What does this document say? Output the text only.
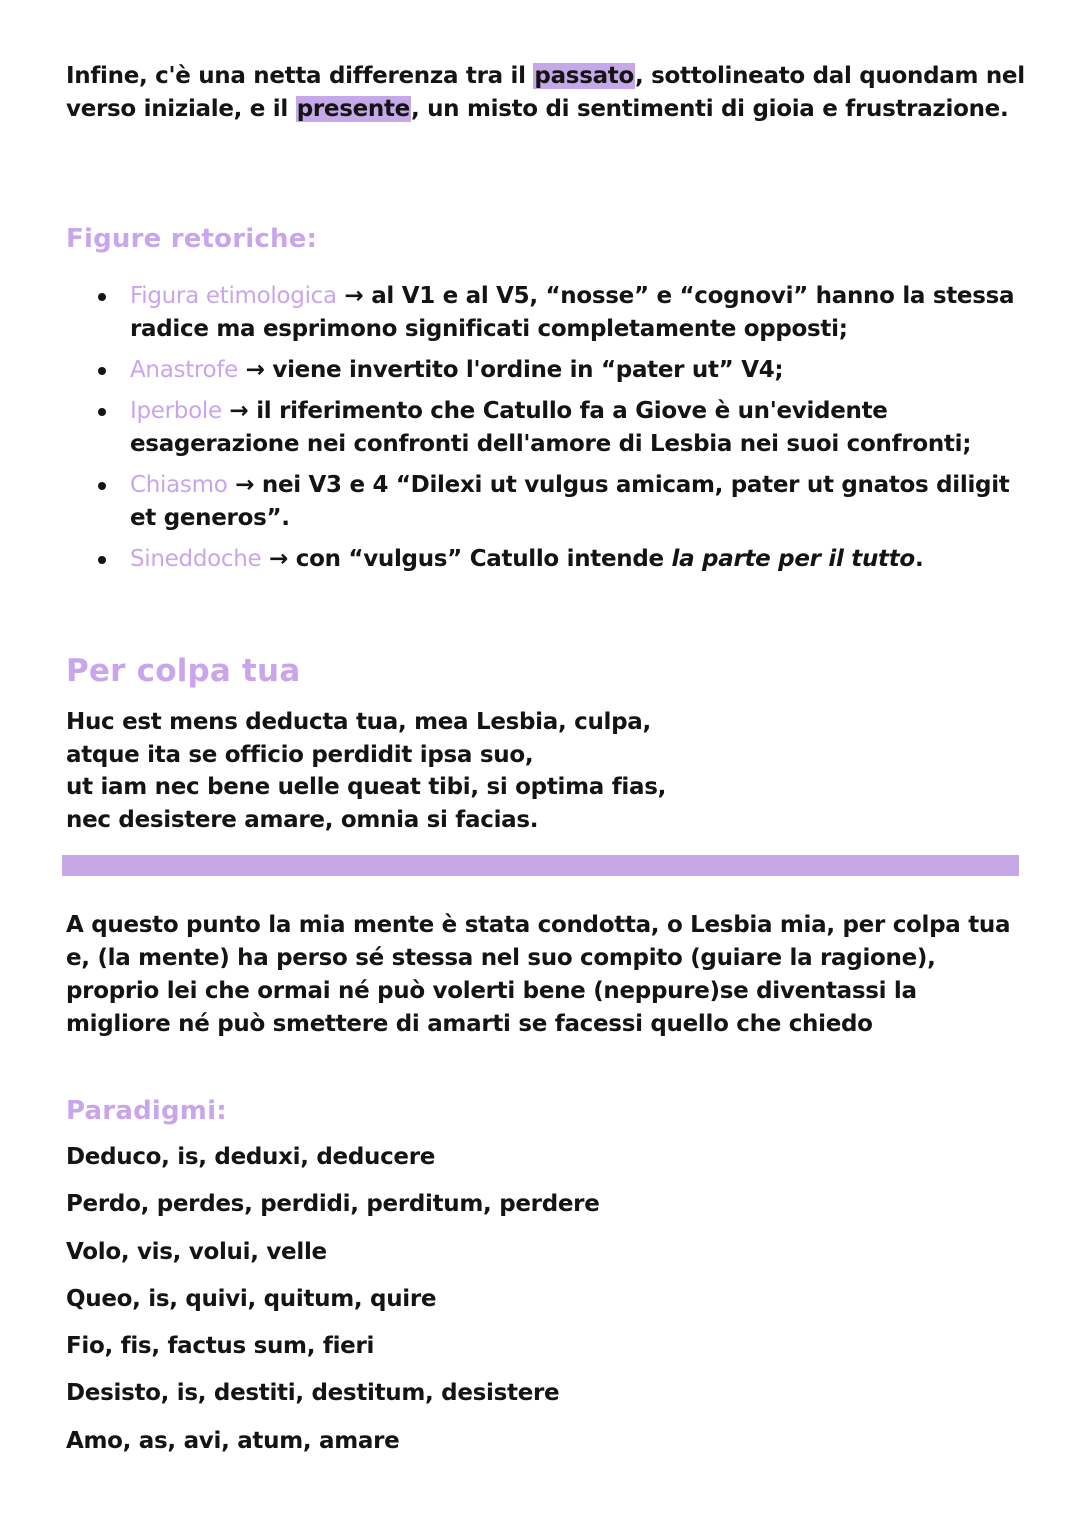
Infine, c'è una netta differenza tra il passato, sottolineato dal quondam nel verso iniziale, e il presente, un misto di sentimenti di gioia e frustrazione.
Figure retoriche:
Figura etimologica → al V1 e al V5, “nosse” e “cognovi” hanno la stessa radice ma esprimono significati completamente opposti;
Anastrofe → viene invertito l'ordine in “pater ut” V4;
Iperbole → il riferimento che Catullo fa a Giove è un'evidente esagerazione nei confronti dell'amore di Lesbia nei suoi confronti;
Chiasmo → nei V3 e 4 “Dilexi ut vulgus amicam, pater ut gnatos diligit et generos”.
Sineddoche → con “vulgus” Catullo intende la parte per il tutto.
Per colpa tua
Huc est mens deducta tua, mea Lesbia, culpa,
atque ita se officio perdidit ipsa suo,
ut iam nec bene uelle queat tibi, si optima fias,
nec desistere amare, omnia si facias.
A questo punto la mia mente è stata condotta, o Lesbia mia, per colpa tua e, (la mente) ha perso sé stessa nel suo compito (guiare la ragione), proprio lei che ormai né può volerti bene (neppure)se diventassi la migliore né può smettere di amarti se facessi quello che chiedo
Paradigmi:
Deduco, is, deduxi, deducere
Perdo, perdes, perdidi, perditum, perdere
Volo, vis, volui, velle
Queo, is, quivi, quitum, quire
Fio, fis, factus sum, fieri
Desisto, is, destiti, destitum, desistere
Amo, as, avi, atum, amare
